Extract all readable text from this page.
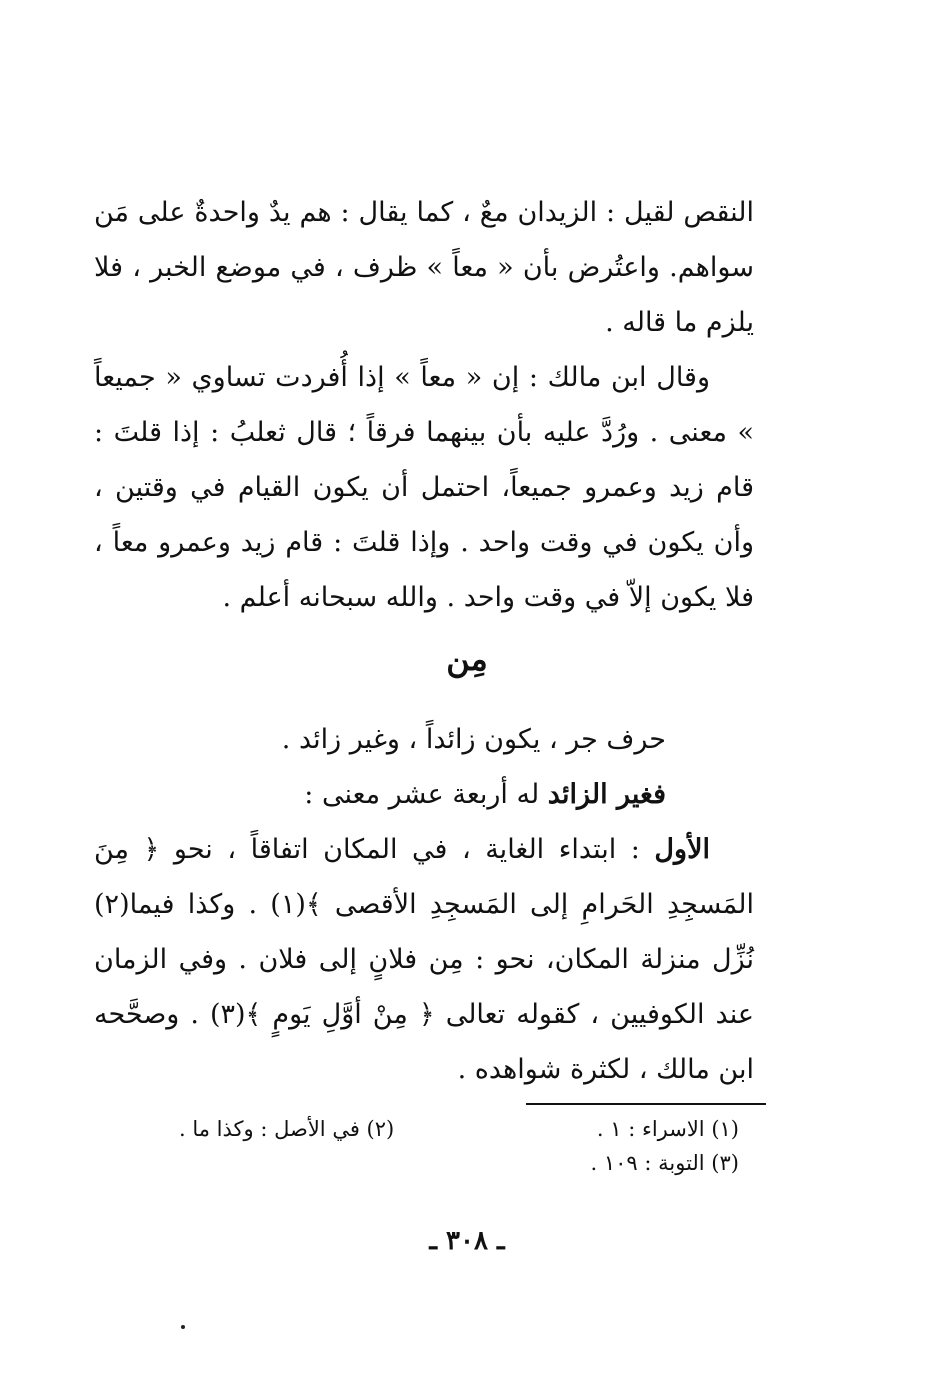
النقص لقيل : الزيدان معٌ ، كما يقال : هم يدٌ واحدةٌ على مَن سواهم. واعتُرض بأن « معاً » ظرف ، في موضع الخبر ، فلا يلزم ما قاله .

وقال ابن مالك : إن « معاً » إذا أُفردت تساوي « جميعاً » معنى . ورُدَّ عليه بأن بينهما فرقاً ؛ قال ثعلبُ : إذا قلتَ : قام زيد وعمرو جميعاً، احتمل أن يكون القيام في وقتين ، وأن يكون في وقت واحد . وإذا قلتَ : قام زيد وعمرو معاً ، فلا يكون إلاّ في وقت واحد . والله سبحانه أعلم .

مِن

حرف جر ، يكون زائداً ، وغير زائد .

فغير الزائد له أربعة عشر معنى :

الأول : ابتداء الغاية ، في المكان اتفاقاً ، نحو ﴿ مِنَ المَسجِدِ الحَرامِ إلى المَسجِدِ الأقصى ﴾(١) . وكذا فيما(٢) نُزِّل منزلة المكان، نحو : مِن فلانٍ إلى فلان . وفي الزمان عند الكوفيين ، كقوله تعالى ﴿ مِنْ أوَّلِ يَومٍ ﴾(٣) . وصحَّحه ابن مالك ، لكثرة شواهده .

(١) الاسراء : ١ .
(٢) في الأصل : وكذا ما .
(٣) التوبة : ١٠٩ .
ـ ٣٠٨ ـ
